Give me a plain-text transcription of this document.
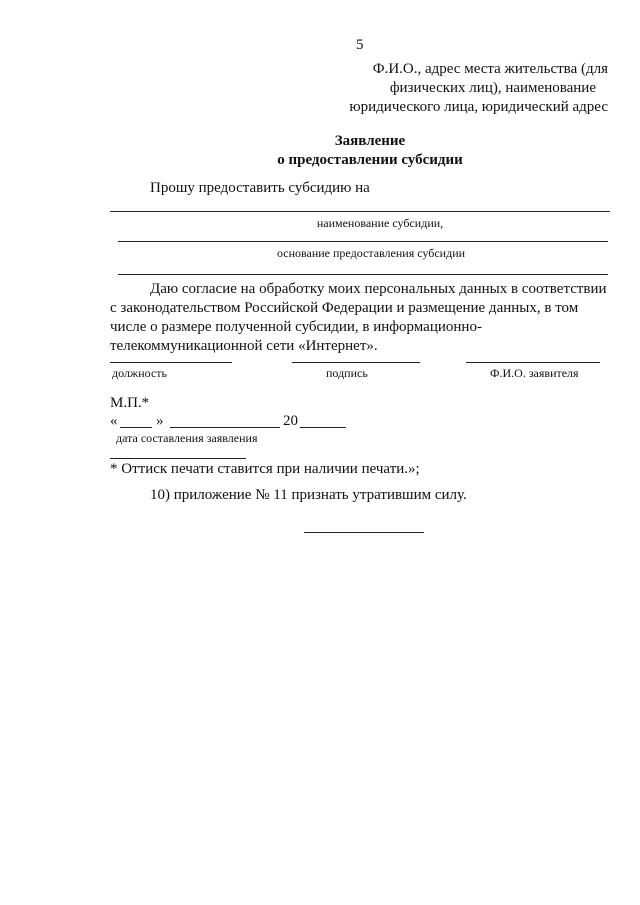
5
Ф.И.О., адрес места жительства (для
физических лиц), наименование
юридического лица, юридический адрес
Заявление
о предоставлении субсидии
Прошу предоставить субсидию на
наименование субсидии,
основание предоставления субсидии
Даю согласие на обработку моих персональных данных в соответствии
с законодательством Российской Федерации и размещение данных, в том
числе о размере полученной субсидии, в информационно-
телекоммуникационной сети «Интернет».
должность	подпись	Ф.И.О. заявителя
М.П.*
«	»	20
дата составления заявления
* Оттиск печати ставится при наличии печати.»;
10) приложение № 11 признать утратившим силу.
